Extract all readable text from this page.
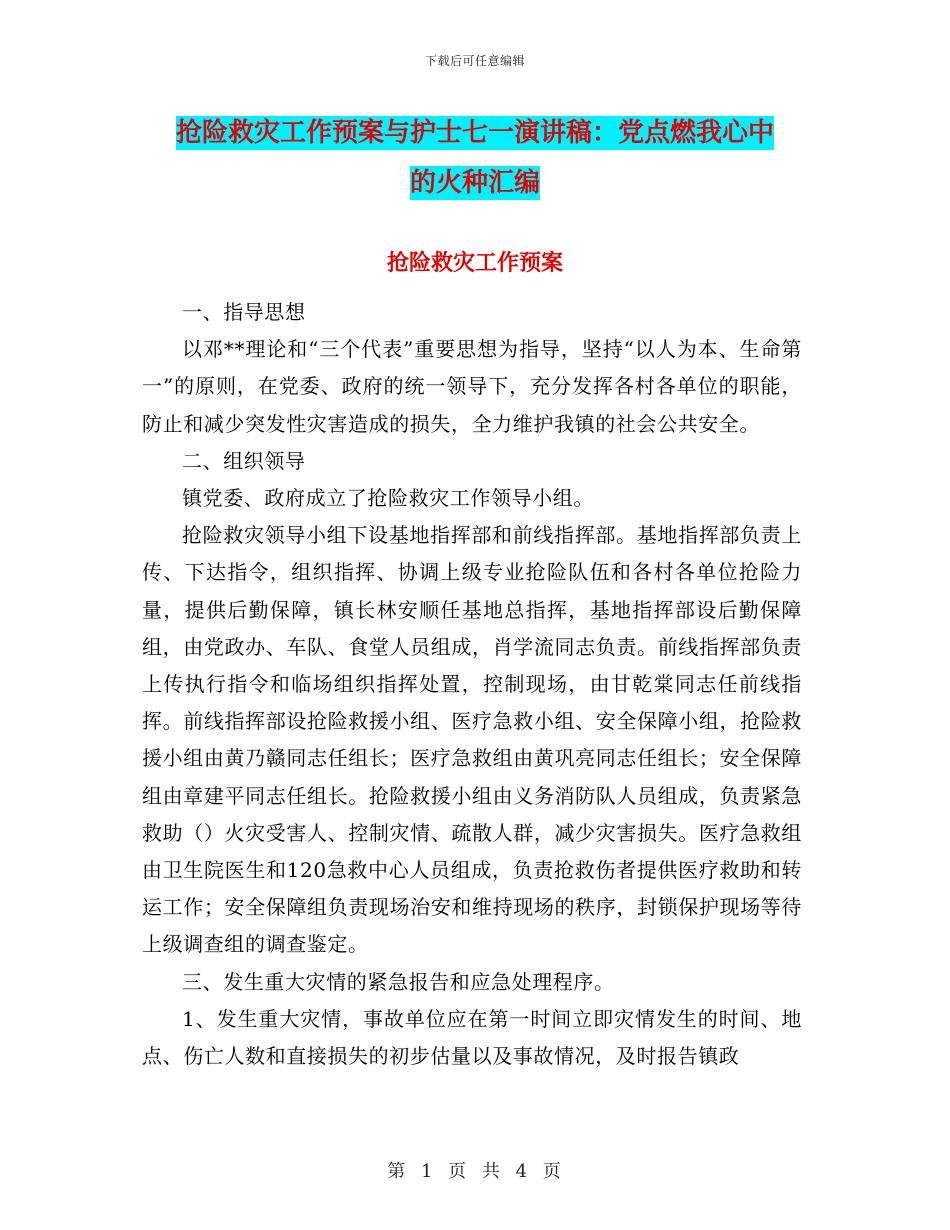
下载后可任意编辑
抢险救灾工作预案与护士七一演讲稿：党点燃我心中
的火种汇编
抢险救灾工作预案

一、指导思想

以邓**理论和“三个代表”重要思想为指导，坚持“以人为本、生命第一”的原则，在党委、政府的统一领导下，充分发挥各村各单位的职能，防止和减少突发性灾害造成的损失，全力维护我镇的社会公共安全。

二、组织领导

镇党委、政府成立了抢险救灾工作领导小组。

抢险救灾领导小组下设基地指挥部和前线指挥部。基地指挥部负责上传、下达指令，组织指挥、协调上级专业抢险队伍和各村各单位抢险力量，提供后勤保障，镇长林安顺任基地总指挥，基地指挥部设后勤保障组，由党政办、车队、食堂人员组成，肖学流同志负责。前线指挥部负责上传执行指令和临场组织指挥处置，控制现场，由甘乾棠同志任前线指挥。前线指挥部设抢险救援小组、医疗急救小组、安全保障小组，抢险救援小组由黄乃赣同志任组长；医疗急救组由黄巩亮同志任组长；安全保障组由章建平同志任组长。抢险救援小组由义务消防队人员组成，负责紧急救助（）火灾受害人、控制灾情、疏散人群，减少灾害损失。医疗急救组由卫生院医生和120急救中心人员组成，负责抢救伤者提供医疗救助和转运工作；安全保障组负责现场治安和维持现场的秩序，封锁保护现场等待上级调查组的调查鉴定。

三、发生重大灾情的紧急报告和应急处理程序。

1、发生重大灾情，事故单位应在第一时间立即灾情发生的时间、地点、伤亡人数和直接损失的初步估量以及事故情况，及时报告镇政

第 1 页 共 4 页
